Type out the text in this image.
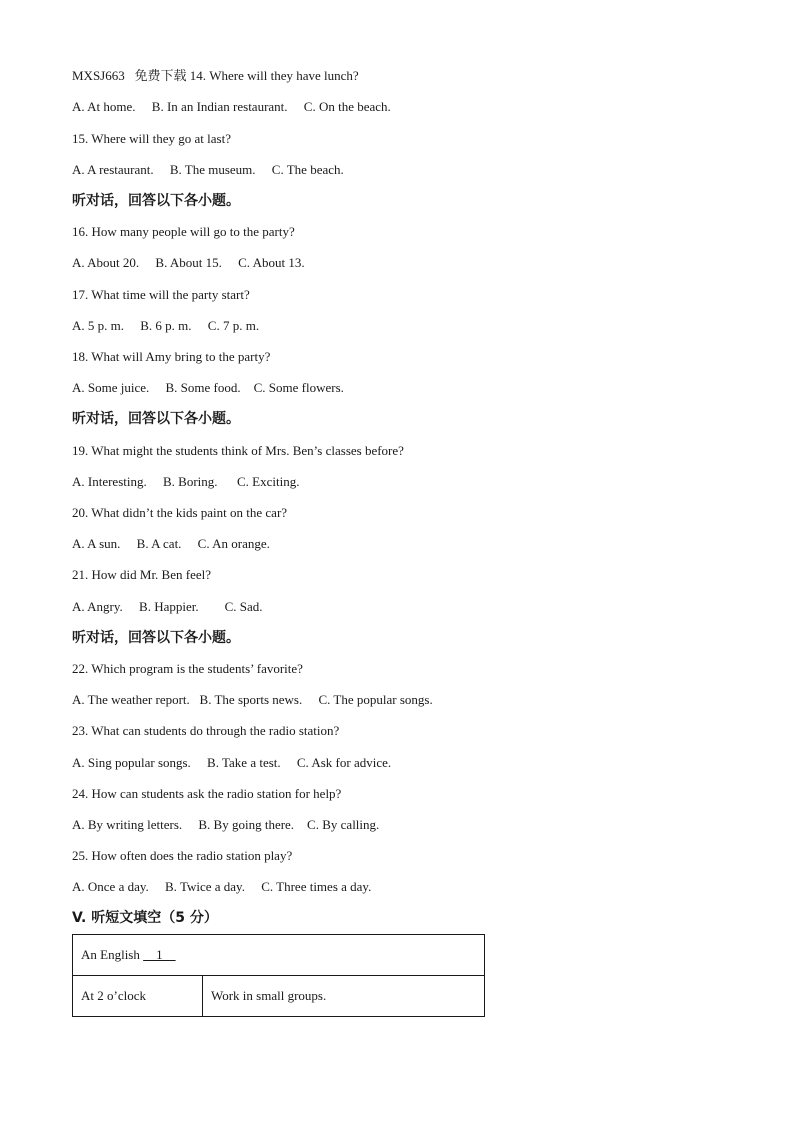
MXSJ663   免费下载 14. Where will they have lunch?
A. At home.     B. In an Indian restaurant.     C. On the beach.
15. Where will they go at last?
A. A restaurant.     B. The museum.     C. The beach.
听对话，回答以下各小题。
16. How many people will go to the party?
A. About 20.     B. About 15.     C. About 13.
17. What time will the party start?
A. 5 p. m.     B. 6 p. m.     C. 7 p. m.
18. What will Amy bring to the party?
A. Some juice.     B. Some food.    C. Some flowers.
听对话，回答以下各小题。
19. What might the students think of Mrs. Ben’s classes before?
A. Interesting.     B. Boring.      C. Exciting.
20. What didn’t the kids paint on the car?
A. A sun.     B. A cat.     C. An orange.
21. How did Mr. Ben feel?
A. Angry.     B. Happier.        C. Sad.
听对话，回答以下各小题。
22. Which program is the students’ favorite?
A. The weather report.   B. The sports news.     C. The popular songs.
23. What can students do through the radio station?
A. Sing popular songs.     B. Take a test.     C. Ask for advice.
24. How can students ask the radio station for help?
A. By writing letters.     B. By going there.    C. By calling.
25. How often does the radio station play?
A. Once a day.     B. Twice a day.     C. Three times a day.
V. 听短文填空（5 分）
An English     1
At 2 o’clock	Work in small groups.
